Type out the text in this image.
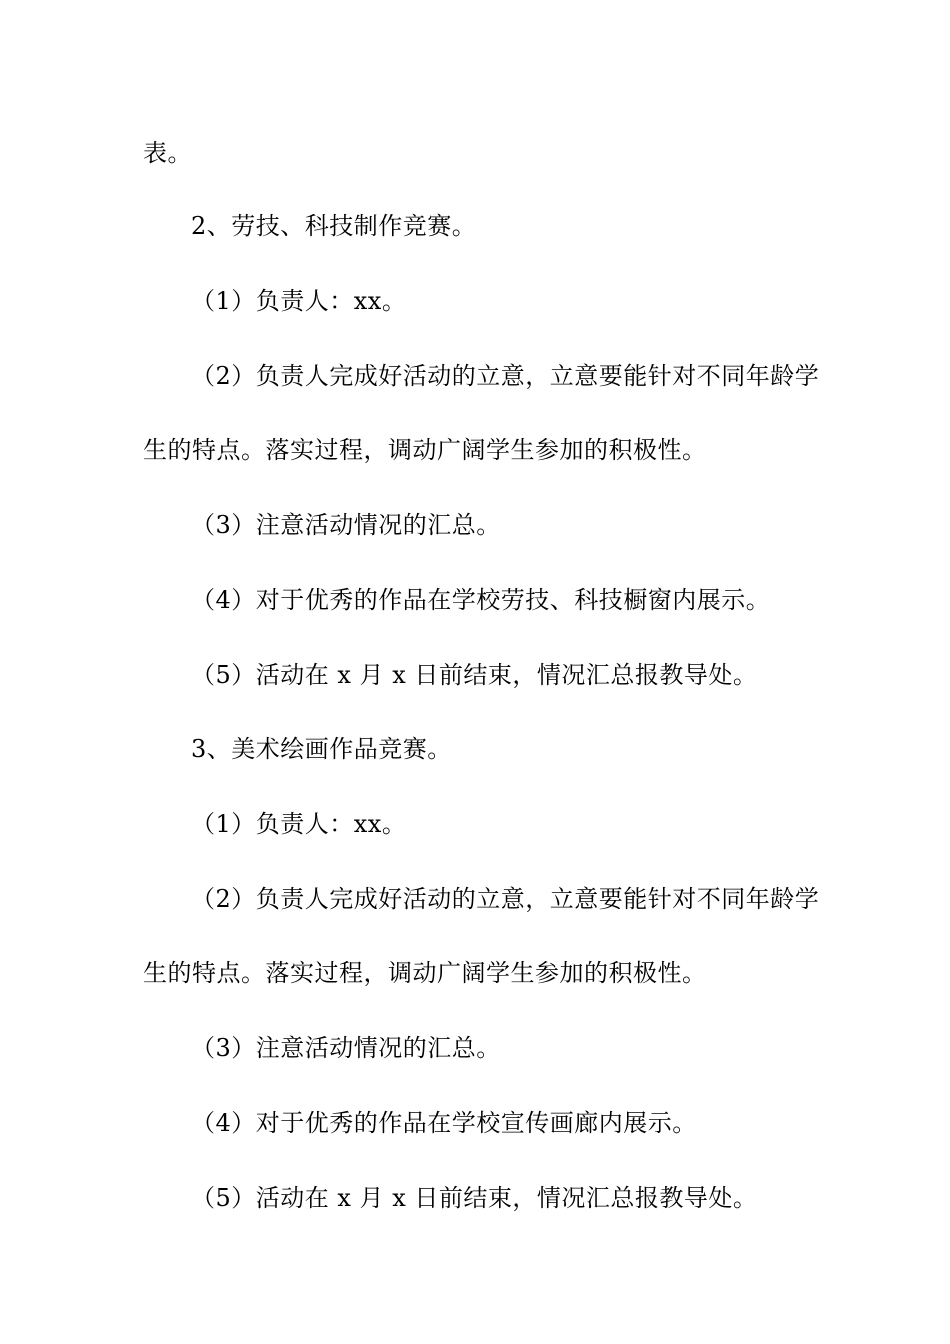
表。
2、劳技、科技制作竞赛。
（1）负责人：xx。
（2）负责人完成好活动的立意，立意要能针对不同年龄学
生的特点。落实过程，调动广阔学生参加的积极性。
（3）注意活动情况的汇总。
（4）对于优秀的作品在学校劳技、科技橱窗内展示。
（5）活动在 x 月 x 日前结束，情况汇总报教导处。
3、美术绘画作品竞赛。
（1）负责人：xx。
（2）负责人完成好活动的立意，立意要能针对不同年龄学
生的特点。落实过程，调动广阔学生参加的积极性。
（3）注意活动情况的汇总。
（4）对于优秀的作品在学校宣传画廊内展示。
（5）活动在 x 月 x 日前结束，情况汇总报教导处。
